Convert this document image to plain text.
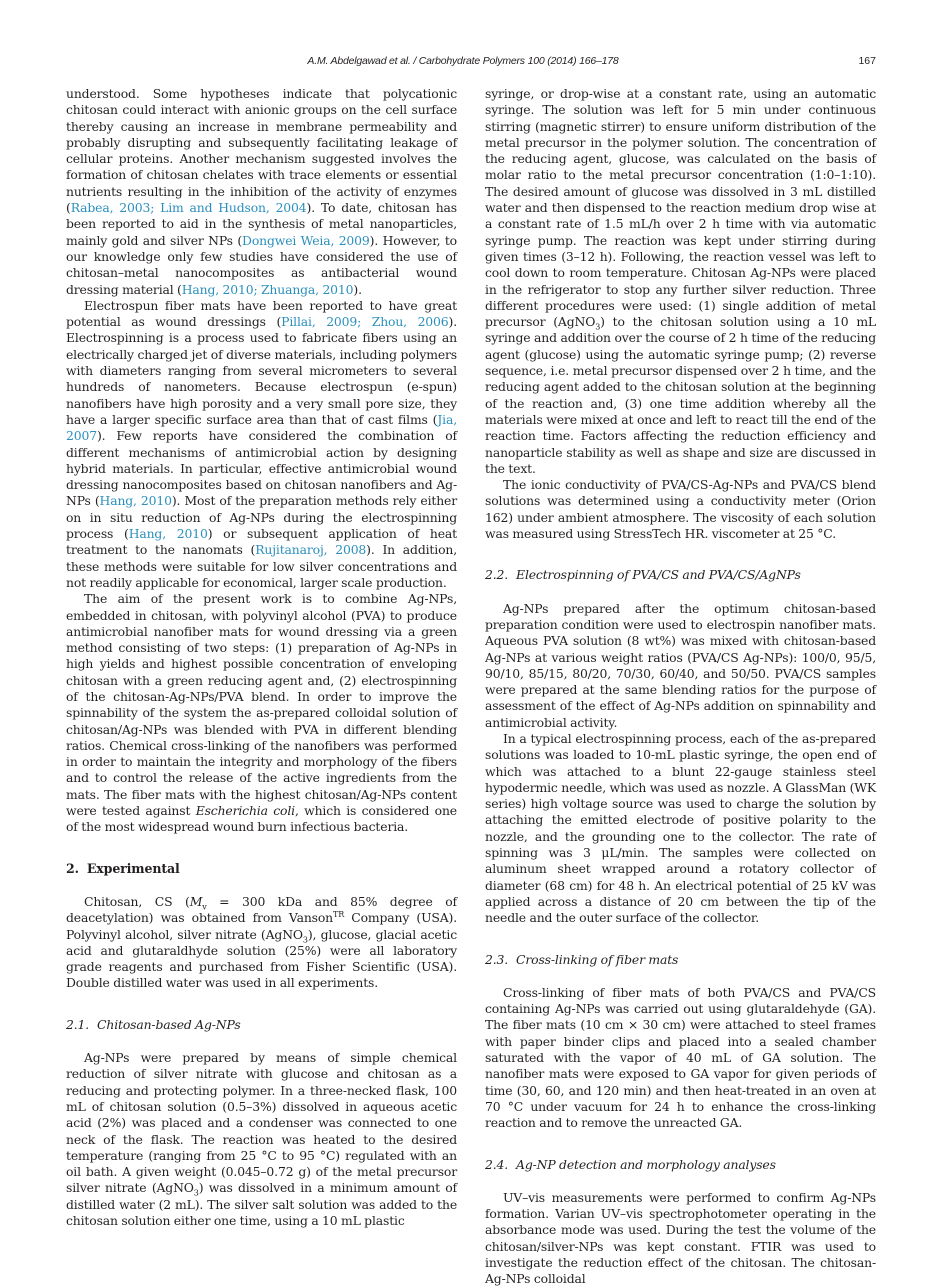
A.M. Abdelgawad et al. / Carbohydrate Polymers 100 (2014) 166–178	167

understood. Some hypotheses indicate that polycationic chitosan could interact with anionic groups on the cell surface thereby causing an increase in membrane permeability and probably disrupting and subsequently facilitating leakage of cellular proteins. Another mechanism suggested involves the formation of chitosan chelates with trace elements or essential nutrients resulting in the inhibition of the activity of enzymes (Rabea, 2003; Lim and Hudson, 2004). To date, chitosan has been reported to aid in the synthesis of metal nanoparticles, mainly gold and silver NPs (Dongwei Weia, 2009). However, to our knowledge only few studies have considered the use of chitosan–metal nanocomposites as antibacterial wound dressing material (Hang, 2010; Zhuanga, 2010).

Electrospun fiber mats have been reported to have great potential as wound dressings (Pillai, 2009; Zhou, 2006). Electrospinning is a process used to fabricate fibers using an electrically charged jet of diverse materials, including polymers with diameters ranging from several micrometers to several hundreds of nanometers. Because electrospun (e-spun) nanofibers have high porosity and a very small pore size, they have a larger specific surface area than that of cast films (Jia, 2007). Few reports have considered the combination of different mechanisms of antimicrobial action by designing hybrid materials. In particular, effective antimicrobial wound dressing nanocomposites based on chitosan nanofibers and Ag-NPs (Hang, 2010). Most of the preparation methods rely either on in situ reduction of Ag-NPs during the electrospinning process (Hang, 2010) or subsequent application of heat treatment to the nanomats (Rujitanaroj, 2008). In addition, these methods were suitable for low silver concentrations and not readily applicable for economical, larger scale production.

The aim of the present work is to combine Ag-NPs, embedded in chitosan, with polyvinyl alcohol (PVA) to produce antimicrobial nanofiber mats for wound dressing via a green method consisting of two steps: (1) preparation of Ag-NPs in high yields and highest possible concentration of enveloping chitosan with a green reducing agent and, (2) electrospinning of the chitosan-Ag-NPs/PVA blend. In order to improve the spinnability of the system the as-prepared colloidal solution of chitosan/Ag-NPs was blended with PVA in different blending ratios. Chemical cross-linking of the nanofibers was performed in order to maintain the integrity and morphology of the fibers and to control the release of the active ingredients from the mats. The fiber mats with the highest chitosan/Ag-NPs content were tested against Escherichia coli, which is considered one of the most widespread wound burn infectious bacteria.

2. Experimental

Chitosan, CS ($M_v = 300$ kDa and 85% degree of deacetylation) was obtained from Vanson$^{TR}$ Company (USA). Polyvinyl alcohol, silver nitrate (AgNO$_3$), glucose, glacial acetic acid and glutaraldhyde solution (25%) were all laboratory grade reagents and purchased from Fisher Scientific (USA). Double distilled water was used in all experiments.

2.1. Chitosan-based Ag-NPs

Ag-NPs were prepared by means of simple chemical reduction of silver nitrate with glucose and chitosan as a reducing and protecting polymer. In a three-necked flask, 100 mL of chitosan solution (0.5–3%) dissolved in aqueous acetic acid (2%) was placed and a condenser was connected to one neck of the flask. The reaction was heated to the desired temperature (ranging from 25 °C to 95 °C) regulated with an oil bath. A given weight (0.045–0.72 g) of the metal precursor silver nitrate (AgNO$_3$) was dissolved in a minimum amount of distilled water (2 mL). The silver salt solution was added to the chitosan solution either one time, using a 10 mL plastic

syringe, or drop-wise at a constant rate, using an automatic syringe. The solution was left for 5 min under continuous stirring (magnetic stirrer) to ensure uniform distribution of the metal precursor in the polymer solution. The concentration of the reducing agent, glucose, was calculated on the basis of molar ratio to the metal precursor concentration (1:0–1:10). The desired amount of glucose was dissolved in 3 mL distilled water and then dispensed to the reaction medium drop wise at a constant rate of 1.5 mL/h over 2 h time with via automatic syringe pump. The reaction was kept under stirring during given times (3–12 h). Following, the reaction vessel was left to cool down to room temperature. Chitosan Ag-NPs were placed in the refrigerator to stop any further silver reduction. Three different procedures were used: (1) single addition of metal precursor (AgNO$_3$) to the chitosan solution using a 10 mL syringe and addition over the course of 2 h time of the reducing agent (glucose) using the automatic syringe pump; (2) reverse sequence, i.e. metal precursor dispensed over 2 h time, and the reducing agent added to the chitosan solution at the beginning of the reaction and, (3) one time addition whereby all the materials were mixed at once and left to react till the end of the reaction time. Factors affecting the reduction efficiency and nanoparticle stability as well as shape and size are discussed in the text.

The ionic conductivity of PVA/CS-Ag-NPs and PVA/CS blend solutions was determined using a conductivity meter (Orion 162) under ambient atmosphere. The viscosity of each solution was measured using StressTech HR. viscometer at 25 °C.

2.2. Electrospinning of PVA/CS and PVA/CS/AgNPs

Ag-NPs prepared after the optimum chitosan-based preparation condition were used to electrospin nanofiber mats. Aqueous PVA solution (8 wt%) was mixed with chitosan-based Ag-NPs at various weight ratios (PVA/CS Ag-NPs): 100/0, 95/5, 90/10, 85/15, 80/20, 70/30, 60/40, and 50/50. PVA/CS samples were prepared at the same blending ratios for the purpose of assessment of the effect of Ag-NPs addition on spinnability and antimicrobial activity.

In a typical electrospinning process, each of the as-prepared solutions was loaded to 10-mL plastic syringe, the open end of which was attached to a blunt 22-gauge stainless steel hypodermic needle, which was used as nozzle. A GlassMan (WK series) high voltage source was used to charge the solution by attaching the emitted electrode of positive polarity to the nozzle, and the grounding one to the collector. The rate of spinning was 3 μL/min. The samples were collected on aluminum sheet wrapped around a rotatory collector of diameter (68 cm) for 48 h. An electrical potential of 25 kV was applied across a distance of 20 cm between the tip of the needle and the outer surface of the collector.

2.3. Cross-linking of fiber mats

Cross-linking of fiber mats of both PVA/CS and PVA/CS containing Ag-NPs was carried out using glutaraldehyde (GA). The fiber mats (10 cm × 30 cm) were attached to steel frames with paper binder clips and placed into a sealed chamber saturated with the vapor of 40 mL of GA solution. The nanofiber mats were exposed to GA vapor for given periods of time (30, 60, and 120 min) and then heat-treated in an oven at 70 °C under vacuum for 24 h to enhance the cross-linking reaction and to remove the unreacted GA.

2.4. Ag-NP detection and morphology analyses

UV–vis measurements were performed to confirm Ag-NPs formation. Varian UV–vis spectrophotometer operating in the absorbance mode was used. During the test the volume of the chitosan/silver-NPs was kept constant. FTIR was used to investigate the reduction effect of the chitosan. The chitosan-Ag-NPs colloidal
